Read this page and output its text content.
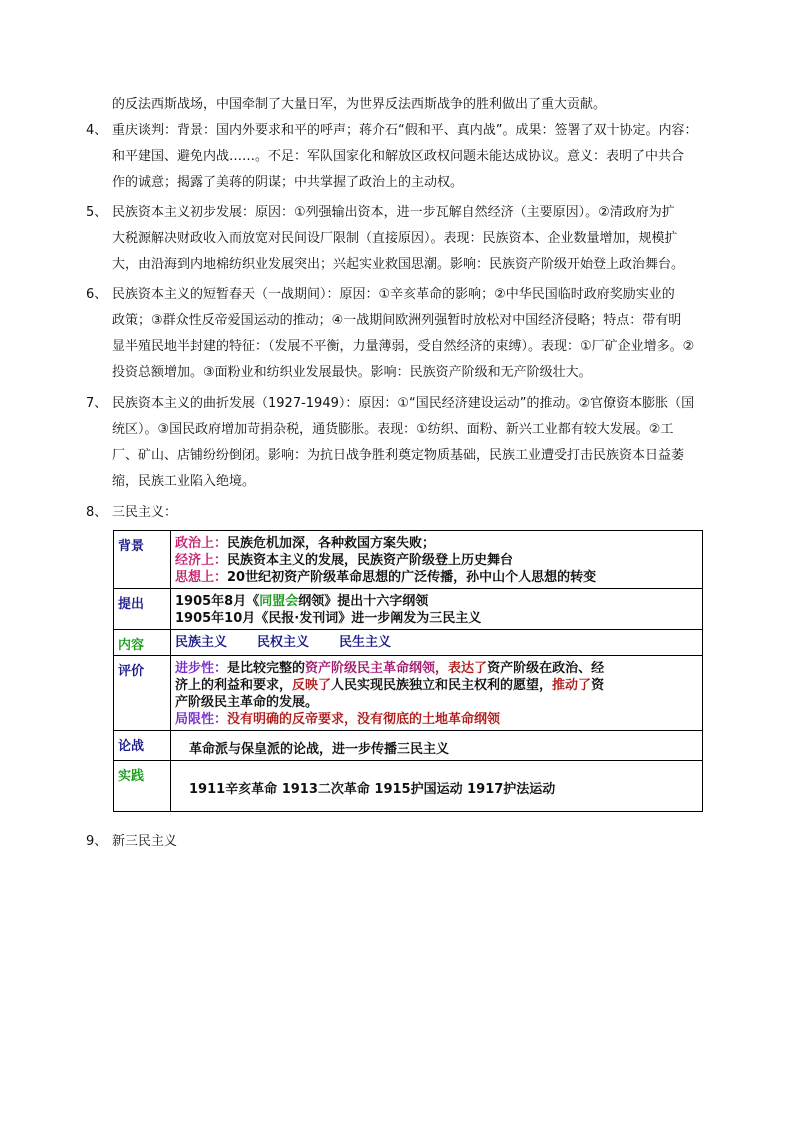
的反法西斯战场，中国牵制了大量日军，为世界反法西斯战争的胜利做出了重大贡献。
4、 重庆谈判：背景：国内外要求和平的呼声；蒋介石“假和平、真内战”。成果：签署了双十协定。内容：
和平建国、避免内战……。不足：军队国家化和解放区政权问题未能达成协议。意义：表明了中共合
作的诚意；揭露了美蒋的阴谋；中共掌握了政治上的主动权。
5、 民族资本主义初步发展：原因：①列强输出资本，进一步瓦解自然经济（主要原因）。②清政府为扩
大税源解决财政收入而放宽对民间设厂限制（直接原因）。表现：民族资本、企业数量增加，规模扩
大，由沿海到内地棉纺织业发展突出；兴起实业救国思潮。影响：民族资产阶级开始登上政治舞台。
6、 民族资本主义的短暂春天（一战期间）：原因：①辛亥革命的影响；②中华民国临时政府奖励实业的
政策；③群众性反帝爱国运动的推动；④一战期间欧洲列强暂时放松对中国经济侵略；特点：带有明
显半殖民地半封建的特征：（发展不平衡，力量薄弱，受自然经济的束缚）。表现：①厂矿企业增多。②
投资总额增加。③面粉业和纺织业发展最快。影响：民族资产阶级和无产阶级壮大。
7、 民族资本主义的曲折发展（1927-1949）：原因：①“国民经济建设运动”的推动。②官僚资本膨胀（国
统区）。③国民政府增加苛捐杂税，通货膨胀。表现：①纺织、面粉、新兴工业都有较大发展。②工
厂、矿山、店铺纷纷倒闭。影响：为抗日战争胜利奠定物质基础，民族工业遭受打击民族资本日益萎
缩，民族工业陷入绝境。
8、 三民主义：
背景	政治上：民族危机加深，各种救国方案失败；
经济上：民族资本主义的发展，民族资产阶级登上历史舞台
思想上：20世纪初资产阶级革命思想的广泛传播，孙中山个人思想的转变

提出	1905年8月《同盟会纲领》提出十六字纲领
1905年10月《民报·发刊词》进一步阐发为三民主义

内容	民族主义 民权主义 民生主义
评价	进步性：是比较完整的资产阶级民主革命纲领，表达了资产阶级在政治、经
济上的利益和要求，反映了人民实现民族独立和民主权利的愿望，推动了资
产阶级民主革命的发展。
局限性：没有明确的反帝要求，没有彻底的土地革命纲领

论战	革命派与保皇派的论战，进一步传播三民主义
实践	1911辛亥革命 1913二次革命 1915护国运动 1917护法运动
9、 新三民主义
